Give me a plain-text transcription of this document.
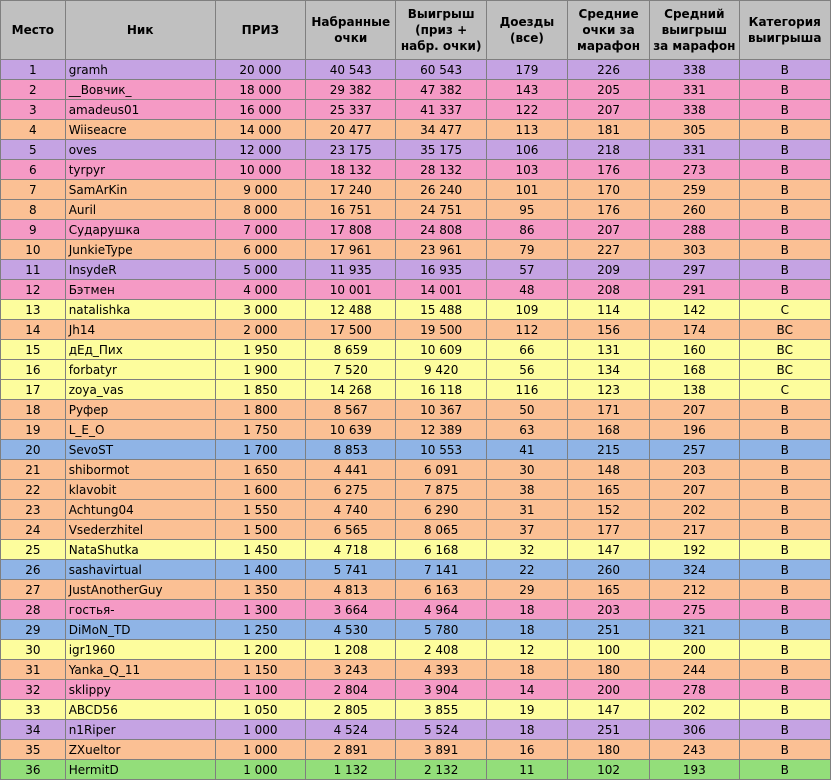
Место	Ник	ПРИЗ	Набранные очки	Выигрыш (приз + набр. очки)	Доезды (все)	Средние очки за марафон	Средний выигрыш за марафон	Категория выигрыша
1	gramh	20 000	40 543	60 543	179	226	338	B
2	__Вовчик_	18 000	29 382	47 382	143	205	331	B
3	amadeus01	16 000	25 337	41 337	122	207	338	B
4	Wiiseacre	14 000	20 477	34 477	113	181	305	B
5	oves	12 000	23 175	35 175	106	218	331	B
6	tyrpyr	10 000	18 132	28 132	103	176	273	B
7	SamArKin	9 000	17 240	26 240	101	170	259	B
8	Auril	8 000	16 751	24 751	95	176	260	B
9	Сударушка	7 000	17 808	24 808	86	207	288	B
10	JunkieType	6 000	17 961	23 961	79	227	303	B
11	InsydeR	5 000	11 935	16 935	57	209	297	B
12	Бэтмен	4 000	10 001	14 001	48	208	291	B
13	natalishka	3 000	12 488	15 488	109	114	142	C
14	Jh14	2 000	17 500	19 500	112	156	174	BC
15	дЕд_Пих	1 950	8 659	10 609	66	131	160	BC
16	forbatyr	1 900	7 520	9 420	56	134	168	BC
17	zoya_vas	1 850	14 268	16 118	116	123	138	C
18	Руфер	1 800	8 567	10 367	50	171	207	B
19	L_E_O	1 750	10 639	12 389	63	168	196	B
20	SevoST	1 700	8 853	10 553	41	215	257	B
21	shibormot	1 650	4 441	6 091	30	148	203	B
22	klavobit	1 600	6 275	7 875	38	165	207	B
23	Achtung04	1 550	4 740	6 290	31	152	202	B
24	Vsederzhitel	1 500	6 565	8 065	37	177	217	B
25	NataShutka	1 450	4 718	6 168	32	147	192	B
26	sashavirtual	1 400	5 741	7 141	22	260	324	B
27	JustAnotherGuy	1 350	4 813	6 163	29	165	212	B
28	гостья-	1 300	3 664	4 964	18	203	275	B
29	DiMoN_TD	1 250	4 530	5 780	18	251	321	B
30	igr1960	1 200	1 208	2 408	12	100	200	B
31	Yanka_Q_11	1 150	3 243	4 393	18	180	244	B
32	sklippy	1 100	2 804	3 904	14	200	278	B
33	ABCD56	1 050	2 805	3 855	19	147	202	B
34	n1Riper	1 000	4 524	5 524	18	251	306	B
35	ZXueltor	1 000	2 891	3 891	16	180	243	B
36	HermitD	1 000	1 132	2 132	11	102	193	B
